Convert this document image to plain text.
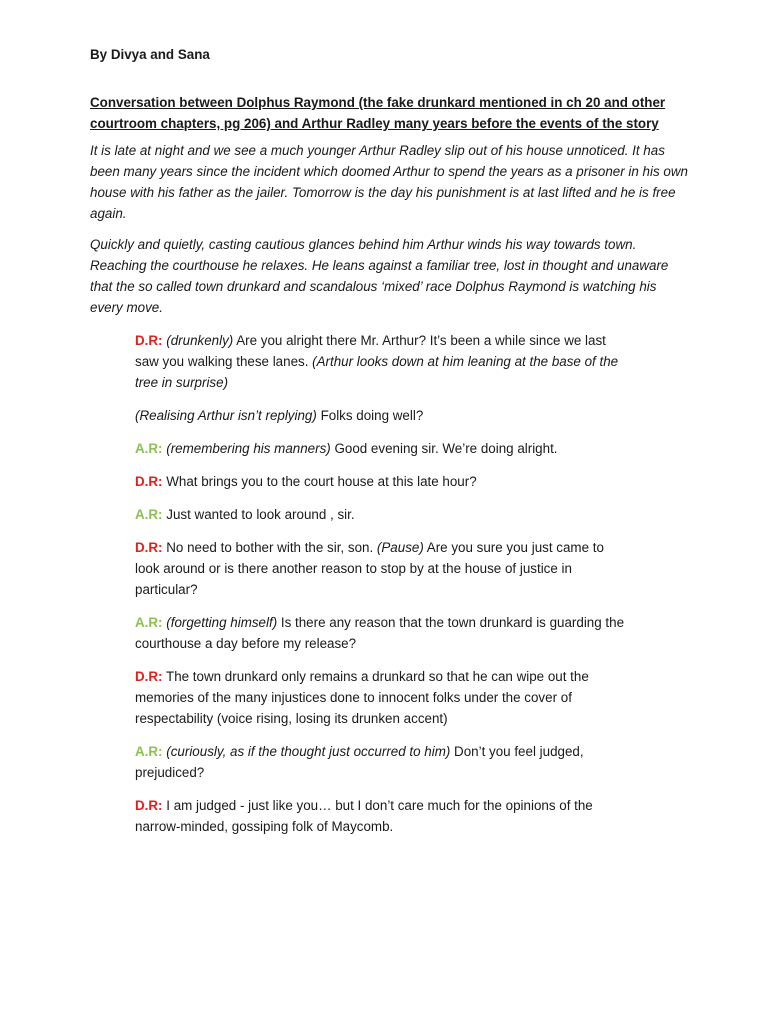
By Divya and Sana

Conversation between Dolphus Raymond (the fake drunkard mentioned in ch 20 and other courtroom chapters, pg 206) and Arthur Radley many years before the events of the story

It is late at night and we see a much younger Arthur Radley slip out of his house unnoticed. It has been many years since the incident which doomed Arthur to spend the years as a prisoner in his own house with his father as the jailer. Tomorrow is the day his punishment is at last lifted and he is free again.

Quickly and quietly, casting cautious glances behind him Arthur winds his way towards town. Reaching the courthouse he relaxes. He leans against a familiar tree, lost in thought and unaware that the so called town drunkard and scandalous ‘mixed’ race Dolphus Raymond is watching his every move.

D.R: (drunkenly) Are you alright there Mr. Arthur? It’s been a while since we last saw you walking these lanes. (Arthur looks down at him leaning at the base of the tree in surprise)

(Realising Arthur isn’t replying) Folks doing well?

A.R: (remembering his manners) Good evening sir. We’re doing alright.

D.R: What brings you to the court house at this late hour?

A.R: Just wanted to look around , sir.

D.R: No need to bother with the sir, son. (Pause) Are you sure you just came to look around or is there another reason to stop by at the house of justice in particular?

A.R: (forgetting himself) Is there any reason that the town drunkard is guarding the courthouse a day before my release?

D.R: The town drunkard only remains a drunkard so that he can wipe out the memories of the many injustices done to innocent folks under the cover of respectability (voice rising, losing its drunken accent)

A.R: (curiously, as if the thought just occurred to him) Don’t you feel judged, prejudiced?

D.R: I am judged - just like you… but I don’t care much for the opinions of the narrow-minded, gossiping folk of Maycomb.
